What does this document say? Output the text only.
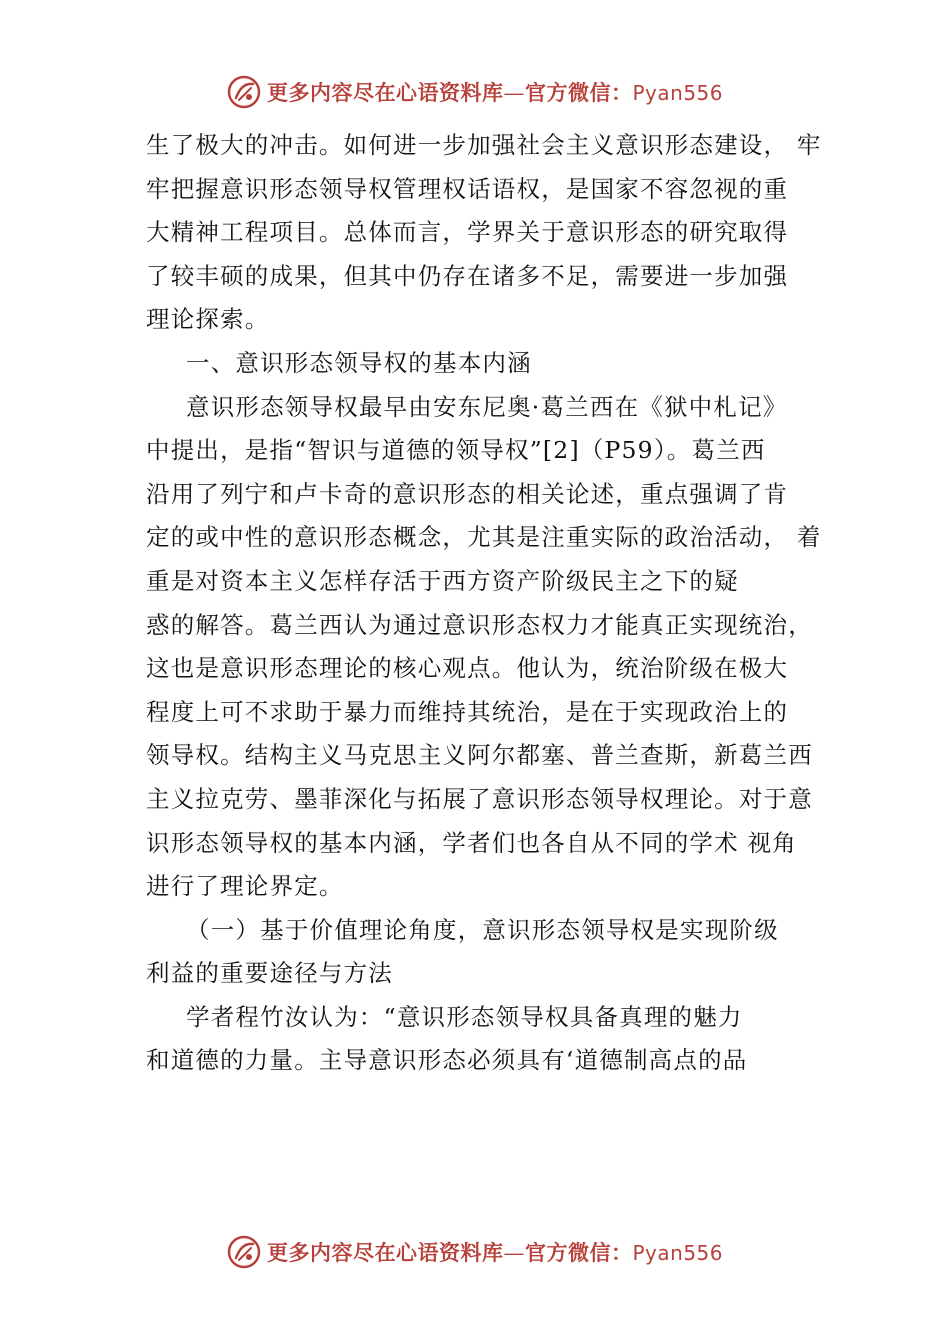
更多内容尽在心语资料库—官方微信：Pyan556
生了极大的冲击。如何进一步加强社会主义意识形态建设， 牢
牢把握意识形态领导权管理权话语权，是国家不容忽视的重
大精神工程项目。总体而言，学界关于意识形态的研究取得
了较丰硕的成果，但其中仍存在诸多不足，需要进一步加强
理论探索。
一、意识形态领导权的基本内涵
意识形态领导权最早由安东尼奥·葛兰西在《狱中札记》
中提出，是指“智识与道德的领导权”[2]（P59）。葛兰西
沿用了列宁和卢卡奇的意识形态的相关论述，重点强调了肯
定的或中性的意识形态概念，尤其是注重实际的政治活动， 着
重是对资本主义怎样存活于西方资产阶级民主之下的疑
惑的解答。葛兰西认为通过意识形态权力才能真正实现统治，
这也是意识形态理论的核心观点。他认为，统治阶级在极大
程度上可不求助于暴力而维持其统治，是在于实现政治上的
领导权。结构主义马克思主义阿尔都塞、普兰查斯，新葛兰西
主义拉克劳、墨菲深化与拓展了意识形态领导权理论。对于意
识形态领导权的基本内涵，学者们也各自从不同的学术 视角
进行了理论界定。
（一）基于价值理论角度，意识形态领导权是实现阶级
利益的重要途径与方法
学者程竹汝认为：“意识形态领导权具备真理的魅力
和道德的力量。主导意识形态必须具有‘道德制高点的品
更多内容尽在心语资料库—官方微信：Pyan556
